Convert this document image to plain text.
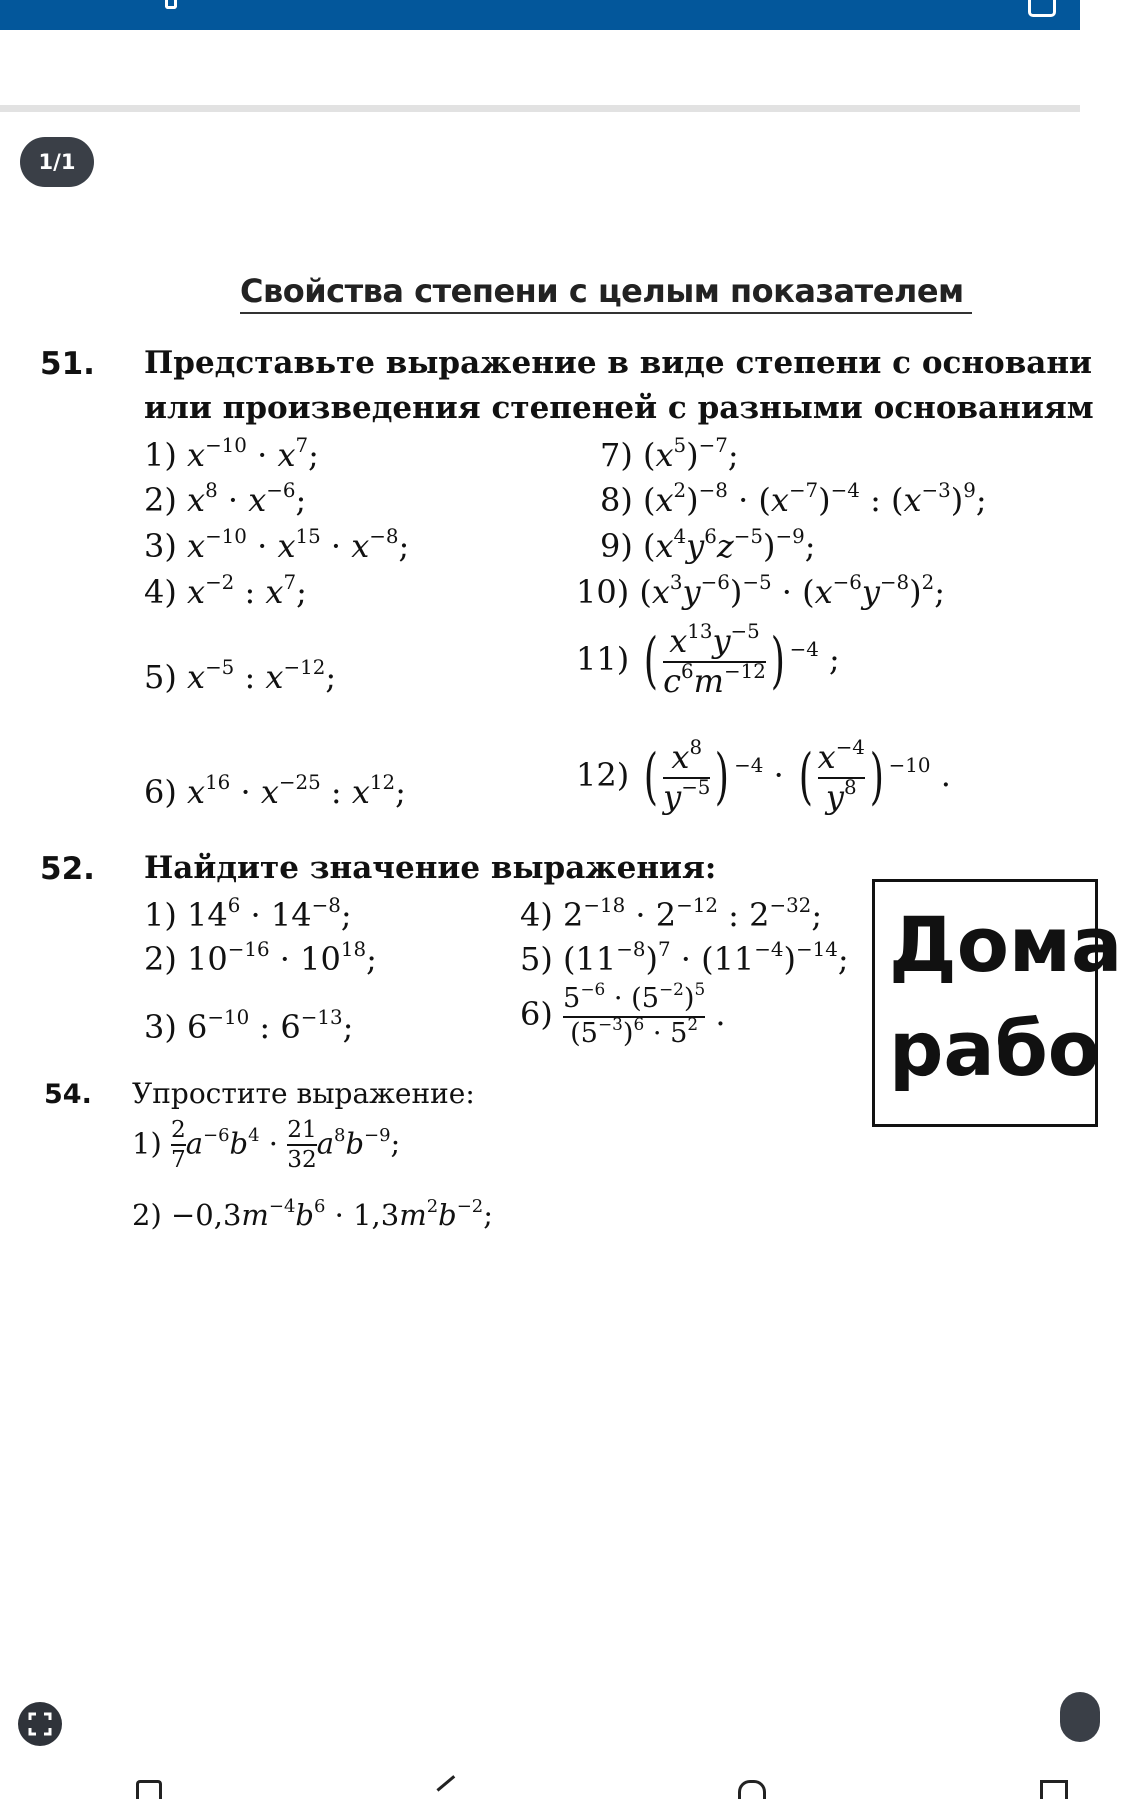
1/1
Свойства степени с целым показателем
51. Представьте выражение в виде степени с основани
или произведения степеней с разными основаниям
1) $x^{-10} \cdot x^7$;
2) $x^8 \cdot x^{-6}$;
3) $x^{-10} \cdot x^{15} \cdot x^{-8}$;
4) $x^{-2}$ : $x^7$;
5) $x^{-5}$ : $x^{-12}$;
6) $x^{16} \cdot x^{-25}$ : $x^{12}$;
7) $(x^5)^{-7}$;
8) $(x^2)^{-8} \cdot (x^{-7})^{-4}$ : $(x^{-3})^9$;
9) $(x^4y^6z^{-5})^{-9}$;
10) $(x^3y^{-6})^{-5} \cdot (x^{-6}y^{-8})^2$;
11) ( $\frac{x^{13}y^{-5}}{c^6m^{-12}}$ ) $^{-4}$ ;
12) ( $\frac{x^8}{y^{-5}}$ ) $^{-4}$ · ( $\frac{x^{-4}}{y^8}$ ) $^{-10}$ .
52. Найдите значение выражения:
1) $14^6 \cdot 14^{-8}$;
2) $10^{-16} \cdot 10^{18}$;
3) $6^{-10}$ : $6^{-13}$;
4) $2^{-18} \cdot 2^{-12}$ : $2^{-32}$;
5) $(11^{-8})^7 \cdot (11^{-4})^{-14}$;
$6) \frac{5^{-6} \cdot (5^{-2})^5}{(5^{-3})^6 \cdot 5^2}$ .
54. Упростите выражение:
$1) \frac{2}{7} a^{-6}b^4 \cdot \frac{21}{32} a^8b^{-9}$;
$2) -0,3m^{-4}b^6 \cdot 1,3m^2b^{-2}$;
Дома
рабо
